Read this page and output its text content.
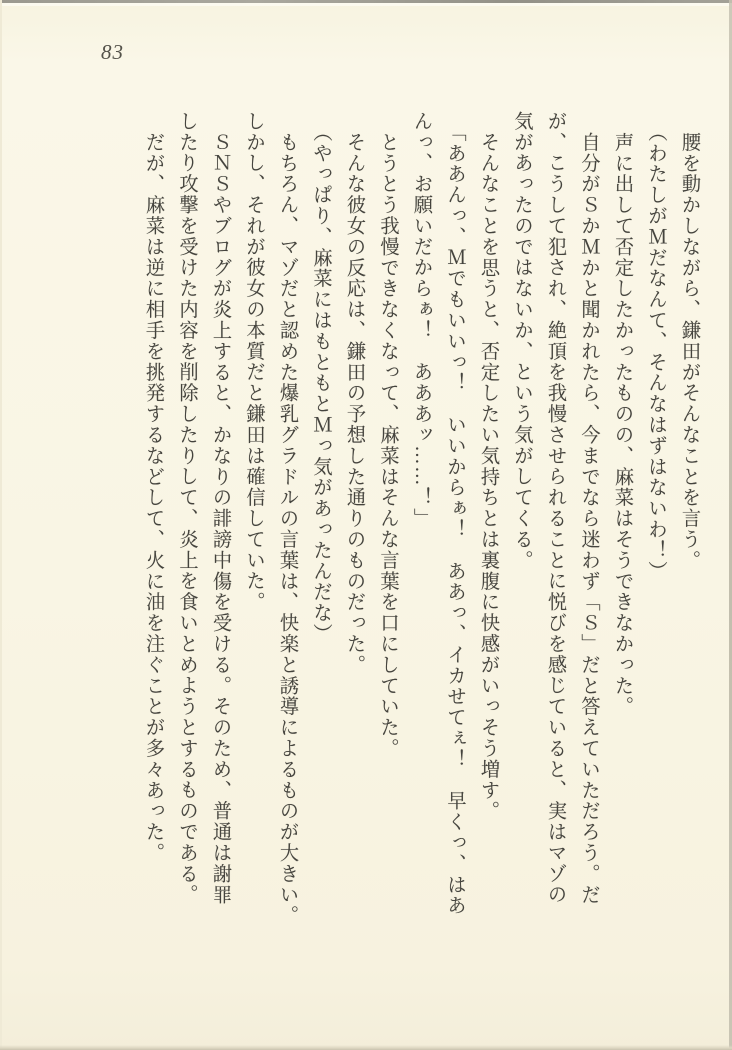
83
腰を動かしながら、鎌田がそんなことを言う。
（わたしがＭだなんて、そんなはずはないわ！）
声に出して否定したかったものの、麻菜はそうできなかった。
自分がＳかＭかと聞かれたら、今までなら迷わず「Ｓ」だと答えていただろう。だ
が、こうして犯され、絶頂を我慢させられることに悦びを感じていると、実はマゾの
気があったのではないか、という気がしてくる。
そんなことを思うと、否定したい気持ちとは裏腹に快感がいっそう増す。
「ああんっ、Ｍでもいいっ！　いいからぁ！　ああっ、イカせてぇ！　早くっ、はあ
んっ、お願いだからぁ！　あああッ……！」
とうとう我慢できなくなって、麻菜はそんな言葉を口にしていた。
そんな彼女の反応は、鎌田の予想した通りのものだった。
（やっぱり、麻菜にはもともとＭっ気があったんだな）
もちろん、マゾだと認めた爆乳グラドルの言葉は、快楽と誘導によるものが大きい。
しかし、それが彼女の本質だと鎌田は確信していた。
ＳＮＳやブログが炎上すると、かなりの誹謗中傷を受ける。そのため、普通は謝罪
したり攻撃を受けた内容を削除したりして、炎上を食いとめようとするものである。
だが、麻菜は逆に相手を挑発するなどして、火に油を注ぐことが多々あった。
